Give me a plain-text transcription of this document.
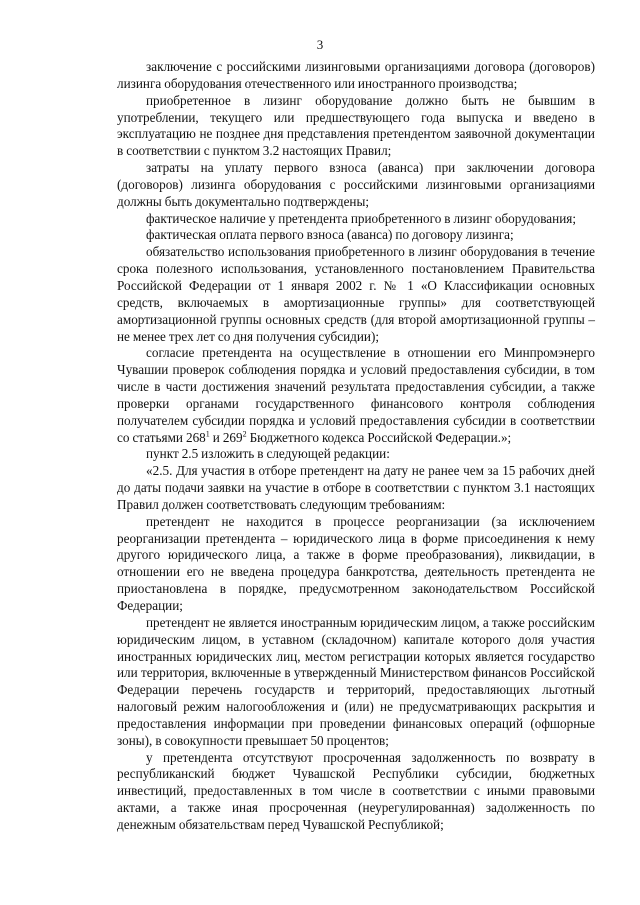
3

заключение с российскими лизинговыми организациями договора (договоров) лизинга оборудования отечественного или иностранного производства;

приобретенное в лизинг оборудование должно быть не бывшим в употреблении, текущего или предшествующего года выпуска и введено в эксплуатацию не позднее дня представления претендентом заявочной документации в соответствии с пунктом 3.2 настоящих Правил;

затраты на уплату первого взноса (аванса) при заключении договора (договоров) лизинга оборудования с российскими лизинговыми организациями должны быть документально подтверждены;

фактическое наличие у претендента приобретенного в лизинг оборудования;

фактическая оплата первого взноса (аванса) по договору лизинга;

обязательство использования приобретенного в лизинг оборудования в течение срока полезного использования, установленного постановлением Правительства Российской Федерации от 1 января 2002 г. № 1 «О Классификации основных средств, включаемых в амортизационные группы» для соответствующей амортизационной группы основных средств (для второй амортизационной группы – не менее трех лет со дня получения субсидии);

согласие претендента на осуществление в отношении его Минпромэнерго Чувашии проверок соблюдения порядка и условий предоставления субсидии, в том числе в части достижения значений результата предоставления субсидии, а также проверки органами государственного финансового контроля соблюдения получателем субсидии порядка и условий предоставления субсидии в соответствии со статьями $268^1$ и $269^2$ Бюджетного кодекса Российской Федерации.»;

пункт 2.5 изложить в следующей редакции:

«2.5. Для участия в отборе претендент на дату не ранее чем за 15 рабочих дней до даты подачи заявки на участие в отборе в соответствии с пунктом 3.1 настоящих Правил должен соответствовать следующим требованиям:

претендент не находится в процессе реорганизации (за исключением реорганизации претендента – юридического лица в форме присоединения к нему другого юридического лица, а также в форме преобразования), ликвидации, в отношении его не введена процедура банкротства, деятельность претендента не приостановлена в порядке, предусмотренном законодательством Российской Федерации;

претендент не является иностранным юридическим лицом, а также российским юридическим лицом, в уставном (складочном) капитале которого доля участия иностранных юридических лиц, местом регистрации которых является государство или территория, включенные в утвержденный Министерством финансов Российской Федерации перечень государств и территорий, предоставляющих льготный налоговый режим налогообложения и (или) не предусматривающих раскрытия и предоставления информации при проведении финансовых операций (офшорные зоны), в совокупности превышает 50 процентов;

у претендента отсутствуют просроченная задолженность по возврату в республиканский бюджет Чувашской Республики субсидии, бюджетных инвестиций, предоставленных в том числе в соответствии с иными правовыми актами, а также иная просроченная (неурегулированная) задолженность по денежным обязательствам перед Чувашской Республикой;
